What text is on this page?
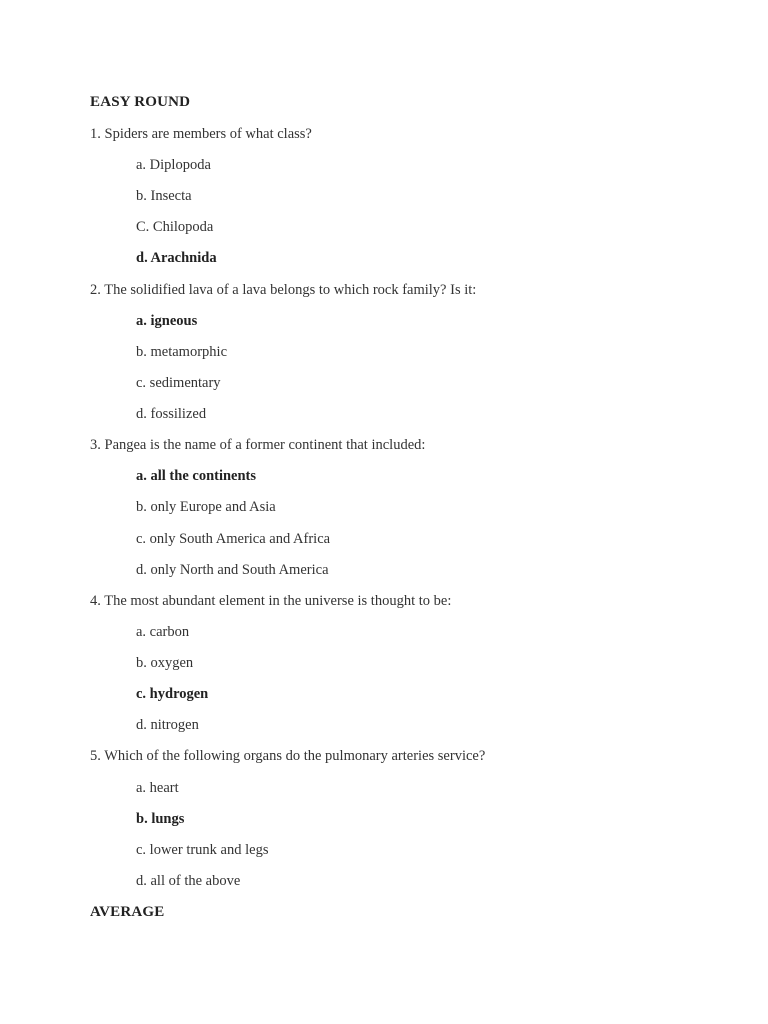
EASY ROUND
1. Spiders are members of what class?
a. Diplopoda
b. Insecta
C. Chilopoda
d. Arachnida
2. The solidified lava of a lava belongs to which rock family? Is it:
a. igneous
b. metamorphic
c. sedimentary
d. fossilized
3. Pangea is the name of a former continent that included:
a. all the continents
b. only Europe and Asia
c. only South America and Africa
d. only North and South America
4. The most abundant element in the universe is thought to be:
a. carbon
b. oxygen
c. hydrogen
d. nitrogen
5. Which of the following organs do the pulmonary arteries service?
a. heart
b. lungs
c. lower trunk and legs
d. all of the above
AVERAGE
